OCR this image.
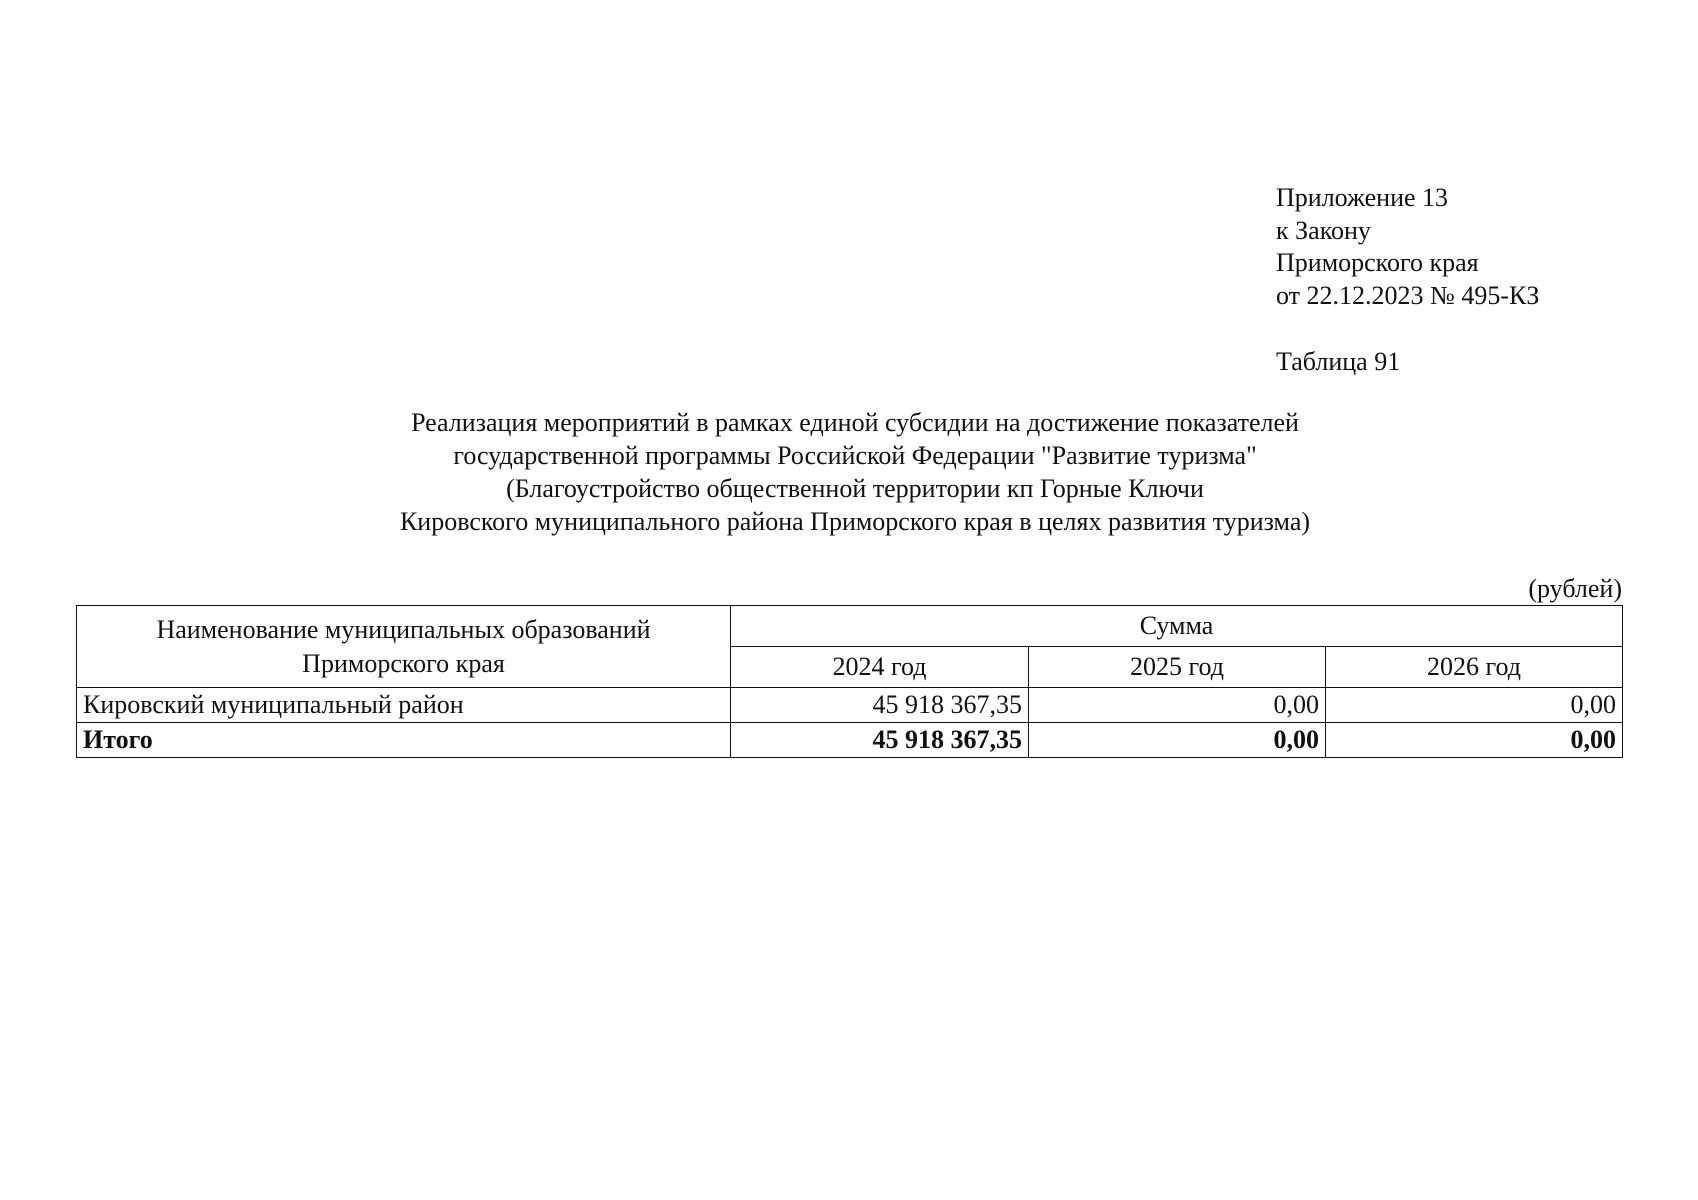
Приложение 13
к Закону
Приморского края
от 22.12.2023 № 495-КЗ
Таблица 91
Реализация мероприятий в рамках единой субсидии на достижение показателей
государственной программы Российской Федерации "Развитие туризма"
(Благоустройство общественной территории кп Горные Ключи
Кировского муниципального района Приморского края в целях развития туризма)
(рублей)
Наименование муниципальных образований
Приморского края	Сумма		
	2024 год	2025 год	2026 год
Кировский муниципальный район	45 918 367,35	0,00	0,00
Итого	45 918 367,35	0,00	0,00
